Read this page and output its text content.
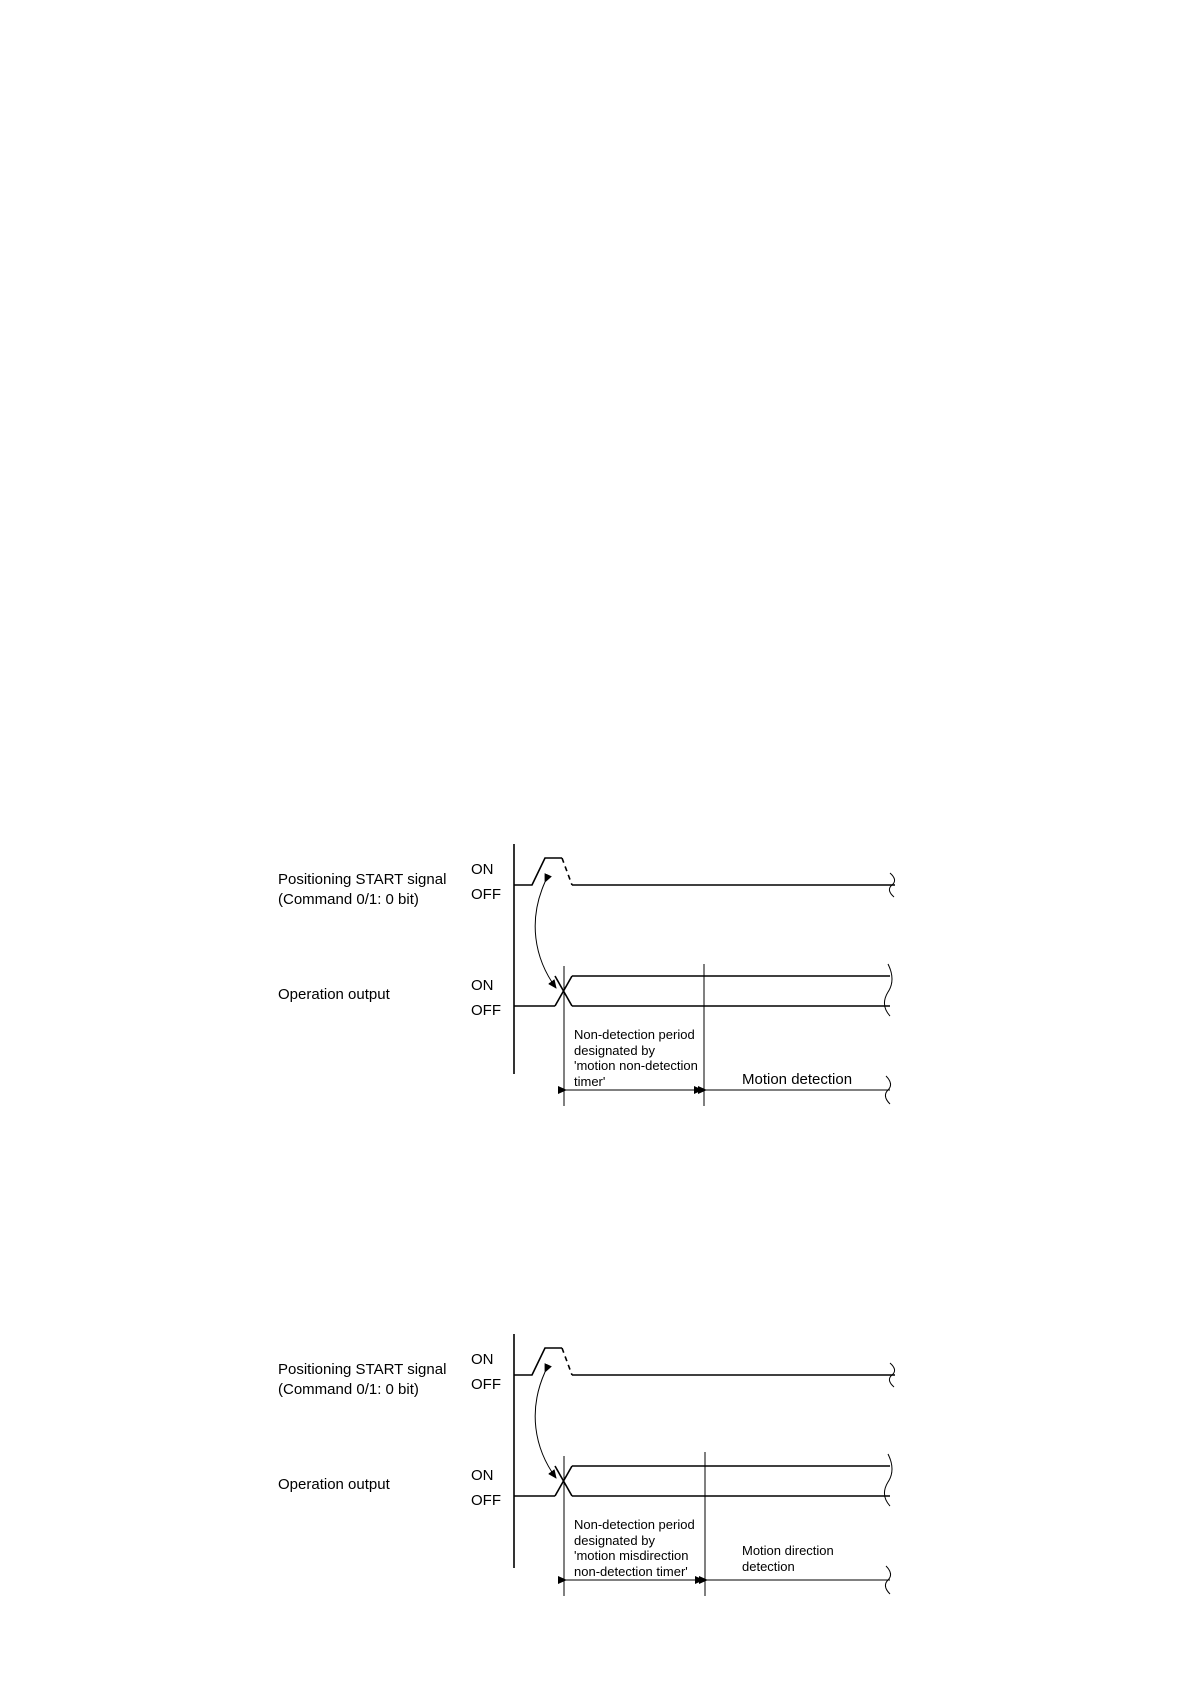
Positioning START signal
(Command 0/1: 0 bit)
ON
OFF
Operation output
ON
OFF
Non-detection period
designated by
'motion non-detection
timer'	Motion detection
Positioning START signal
(Command 0/1: 0 bit)
ON
OFF
Operation output
ON
OFF
Non-detection period
designated by
'motion misdirection
non-detection timer'
Motion direction
detection
